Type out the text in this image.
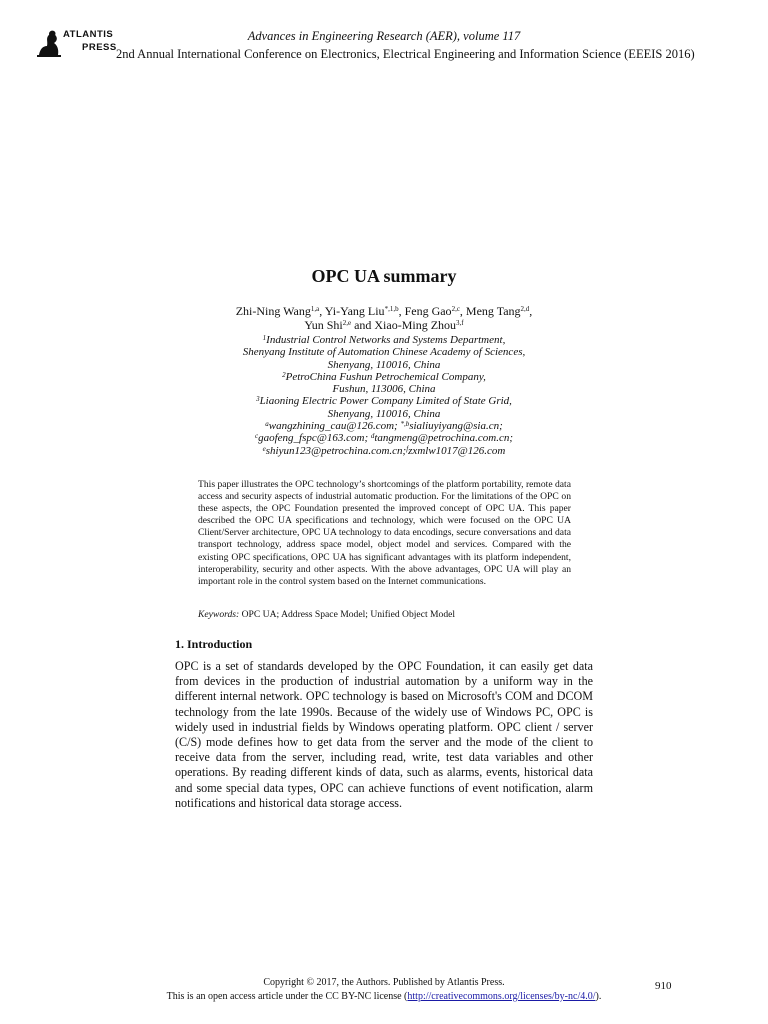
ATLANTIS
PRESS
Advances in Engineering Research (AER), volume 117
2nd Annual International Conference on Electronics, Electrical Engineering and Information Science (EEEIS 2016)
OPC UA summary
Zhi-Ning Wang$^{1,a}$, Yi-Yang Liu$^{*,1,b}$, Feng Gao$^{2,c}$, Meng Tang$^{2,d}$,
Yun Shi$^{2,e}$ and Xiao-Ming Zhou$^{3,f}$
$^1$Industrial Control Networks and Systems Department,
Shenyang Institute of Automation Chinese Academy of Sciences,
Shenyang, 110016, China
$^2$PetroChina Fushun Petrochemical Company,
Fushun, 113006, China
$^3$Liaoning Electric Power Company Limited of State Grid,
Shenyang, 110016, China
$^a$wangzhining_cau@126.com; $^{*,b}$sialiuyiyang@sia.cn;
$^c$gaofeng_fspc@163.com; $^d$tangmeng@petrochina.com.cn;
$^e$shiyun123@petrochina.com.cn;$^f$zxmlw1017@126.com

This paper illustrates the OPC technology’s shortcomings of the platform portability, remote data access and security aspects of industrial automatic production. For the limitations of the OPC on these aspects, the OPC Foundation presented the improved concept of OPC UA. This paper described the OPC UA specifications and technology, which were focused on the OPC UA Client/Server architecture, OPC UA technology to data encodings, secure conversations and data transport technology, address space model, object model and services. Compared with the existing OPC specifications, OPC UA has significant advantages with its platform independent, interoperability, security and other aspects. With the above advantages, OPC UA will play an important role in the control system based on the Internet communications.

Keywords: OPC UA; Address Space Model; Unified Object Model

1. Introduction

OPC is a set of standards developed by the OPC Foundation, it can easily get data from devices in the production of industrial automation by a uniform way in the different internal network. OPC technology is based on Microsoft's COM and DCOM technology from the late 1990s. Because of the widely use of Windows PC, OPC is widely used in industrial fields by Windows operating platform. OPC client / server (C/S) mode defines how to get data from the server and the mode of the client to receive data from the server, including read, write, test data variables and other operations. By reading different kinds of data, such as alarms, events, historical data and some special data types, OPC can achieve functions of event notification, alarm notifications and historical data storage access.

Copyright © 2017, the Authors. Published by Atlantis Press.
This is an open access article under the CC BY-NC license (http://creativecommons.org/licenses/by-nc/4.0/).
910
